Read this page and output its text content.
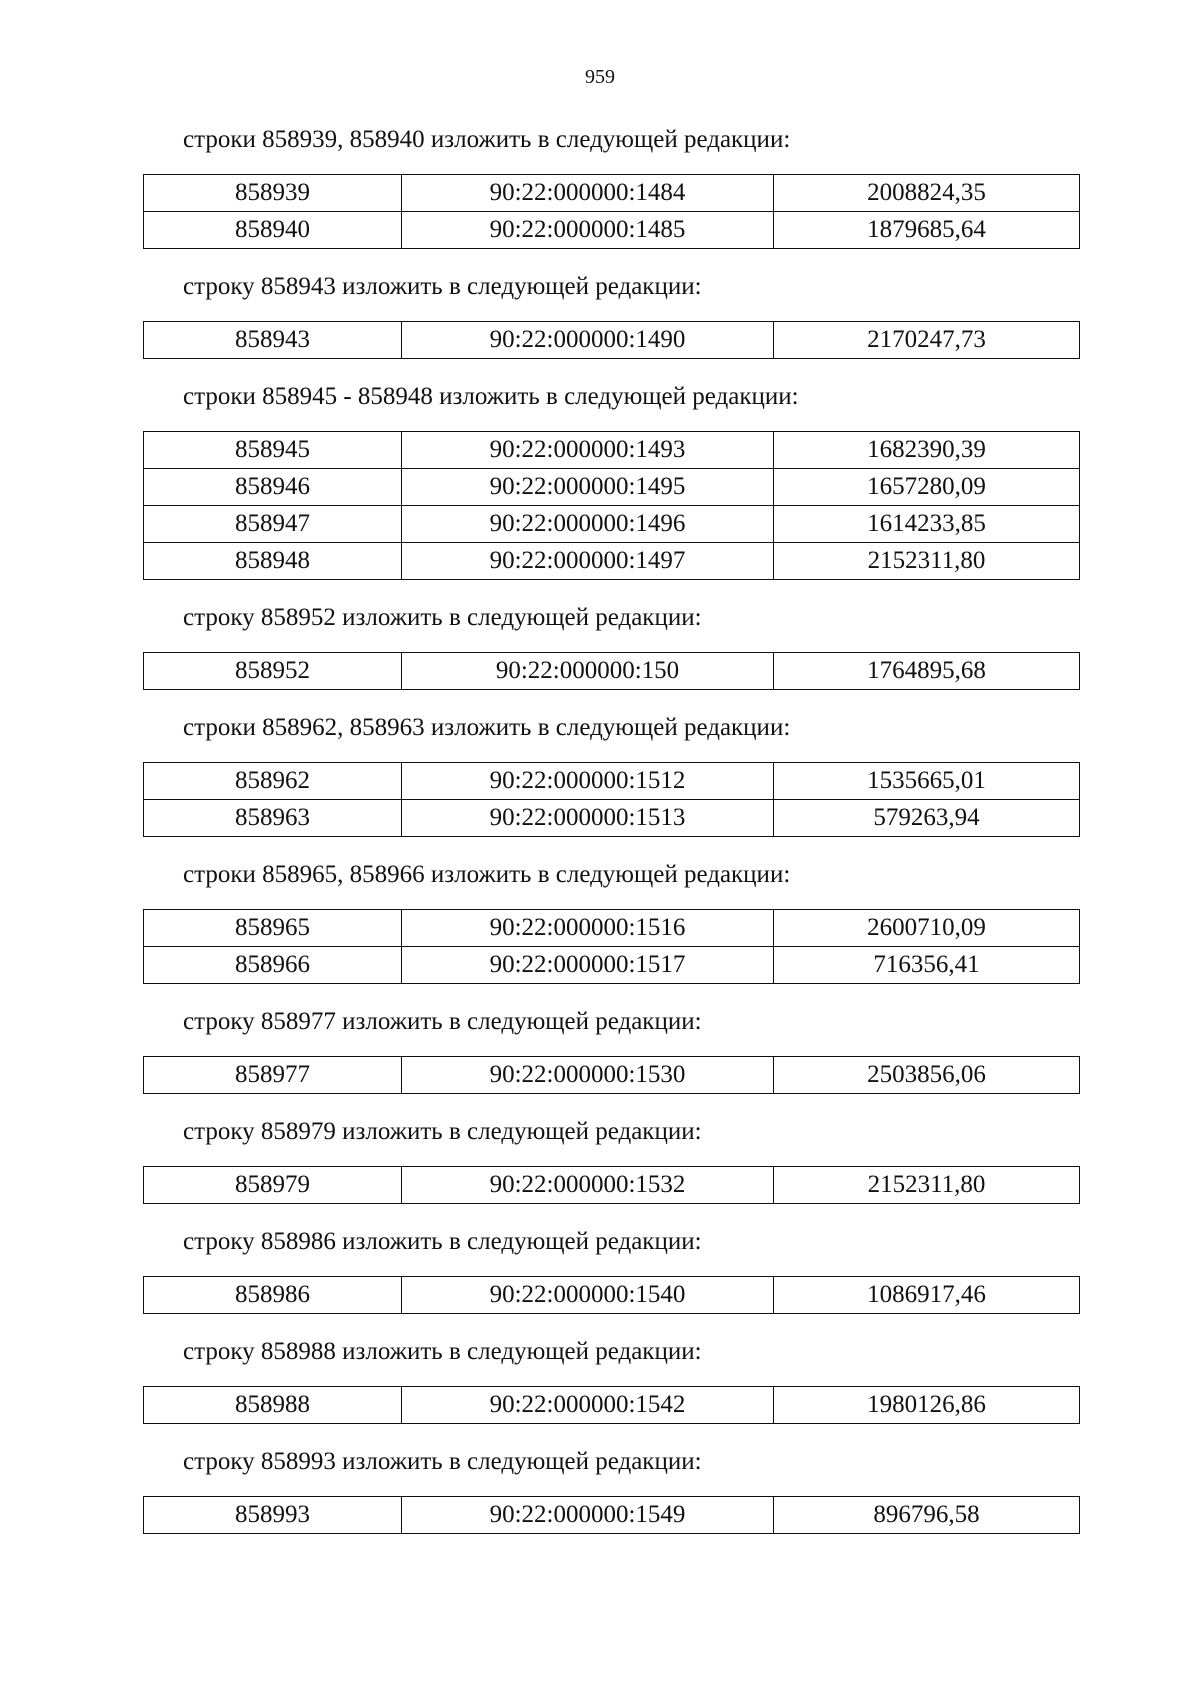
959
строки 858939, 858940 изложить в следующей редакции:
858939	90:22:000000:1484	2008824,35
858940	90:22:000000:1485	1879685,64
строку 858943 изложить в следующей редакции:
858943	90:22:000000:1490	2170247,73
строки 858945 - 858948 изложить в следующей редакции:
858945	90:22:000000:1493	1682390,39
858946	90:22:000000:1495	1657280,09
858947	90:22:000000:1496	1614233,85
858948	90:22:000000:1497	2152311,80
строку 858952 изложить в следующей редакции:
858952	90:22:000000:150	1764895,68
строки 858962, 858963 изложить в следующей редакции:
858962	90:22:000000:1512	1535665,01
858963	90:22:000000:1513	579263,94
строки 858965, 858966 изложить в следующей редакции:
858965	90:22:000000:1516	2600710,09
858966	90:22:000000:1517	716356,41
строку 858977 изложить в следующей редакции:
858977	90:22:000000:1530	2503856,06
строку 858979 изложить в следующей редакции:
858979	90:22:000000:1532	2152311,80
строку 858986 изложить в следующей редакции:
858986	90:22:000000:1540	1086917,46
строку 858988 изложить в следующей редакции:
858988	90:22:000000:1542	1980126,86
строку 858993 изложить в следующей редакции:
858993	90:22:000000:1549	896796,58
